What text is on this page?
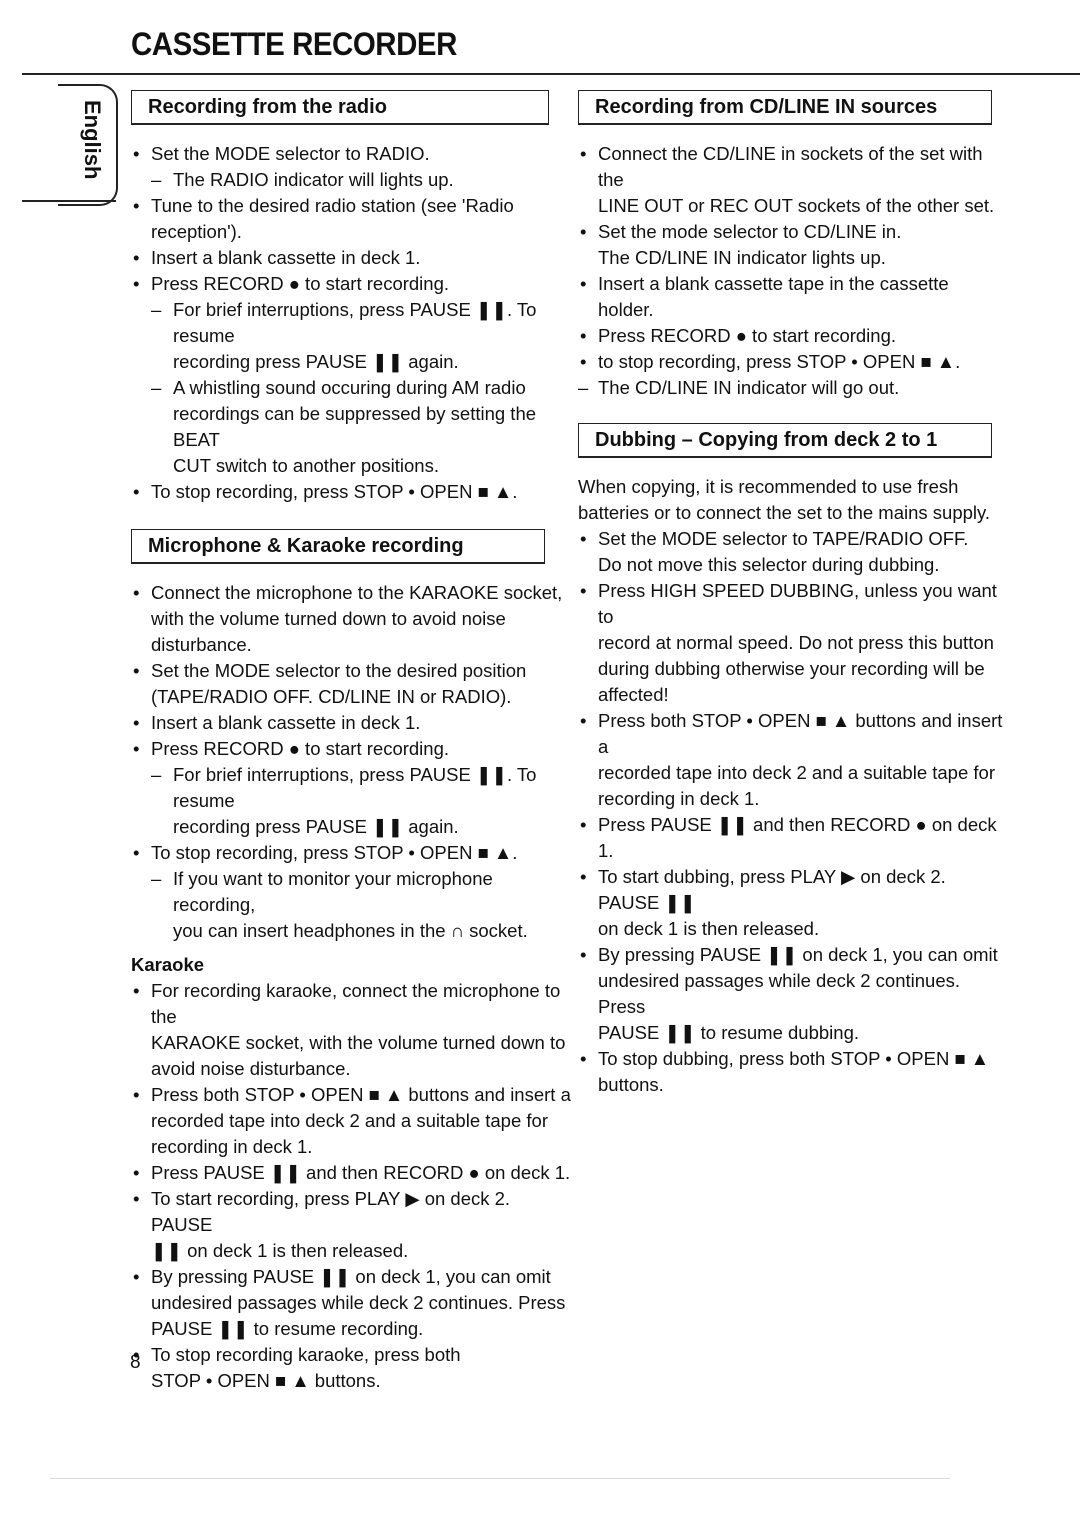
CASSETTE RECORDER
English	Recording from the radio
• Set the MODE selector to RADIO.
– The RADIO indicator will lights up.
• Tune to the desired radio station (see 'Radio
reception').
• Insert a blank cassette in deck 1.
• Press RECORD ● to start recording.
– For brief interruptions, press PAUSE ❚❚. To resume
recording press PAUSE ❚❚ again.
– A whistling sound occuring during AM radio
recordings can be suppressed by setting the BEAT
CUT switch to another positions.
• To stop recording, press STOP • OPEN ■ ▲.
Microphone & Karaoke recording
• Connect the microphone to the KARAOKE socket,
with the volume turned down to avoid noise
disturbance.
• Set the MODE selector to the desired position
(TAPE/RADIO OFF. CD/LINE IN or RADIO).
• Insert a blank cassette in deck 1.
• Press RECORD ● to start recording.
– For brief interruptions, press PAUSE ❚❚. To resume
recording press PAUSE ❚❚ again.
• To stop recording, press STOP • OPEN ■ ▲.
– If you want to monitor your microphone recording,
you can insert headphones in the ∩ socket.
Karaoke
• For recording karaoke, connect the microphone to the
KARAOKE socket, with the volume turned down to
avoid noise disturbance.
• Press both STOP • OPEN ■ ▲ buttons and insert a
recorded tape into deck 2 and a suitable tape for
recording in deck 1.
• Press PAUSE ❚❚ and then RECORD ● on deck 1.
• To start recording, press PLAY ▶ on deck 2. PAUSE
❚❚ on deck 1 is then released.
• By pressing PAUSE ❚❚ on deck 1, you can omit
undesired passages while deck 2 continues. Press
PAUSE ❚❚ to resume recording.
• To stop recording karaoke, press both
STOP • OPEN ■ ▲ buttons.
Recording from CD/LINE IN sources
• Connect the CD/LINE in sockets of the set with the
LINE OUT or REC OUT sockets of the other set.
• Set the mode selector to CD/LINE in.
The CD/LINE IN indicator lights up.
• Insert a blank cassette tape in the cassette holder.
• Press RECORD ● to start recording.
• to stop recording, press STOP • OPEN ■ ▲.
– The CD/LINE IN indicator will go out.
Dubbing – Copying from deck 2 to 1
When copying, it is recommended to use fresh
batteries or to connect the set to the mains supply.
• Set the MODE selector to TAPE/RADIO OFF.
Do not move this selector during dubbing.
• Press HIGH SPEED DUBBING, unless you want to
record at normal speed. Do not press this button
during dubbing otherwise your recording will be
affected!
• Press both STOP • OPEN ■ ▲ buttons and insert a
recorded tape into deck 2 and a suitable tape for
recording in deck 1.
• Press PAUSE ❚❚ and then RECORD ● on deck 1.
• To start dubbing, press PLAY ▶ on deck 2. PAUSE ❚❚
on deck 1 is then released.
• By pressing PAUSE ❚❚ on deck 1, you can omit
undesired passages while deck 2 continues. Press
PAUSE ❚❚ to resume dubbing.
• To stop dubbing, press both STOP • OPEN ■ ▲
buttons.
8
